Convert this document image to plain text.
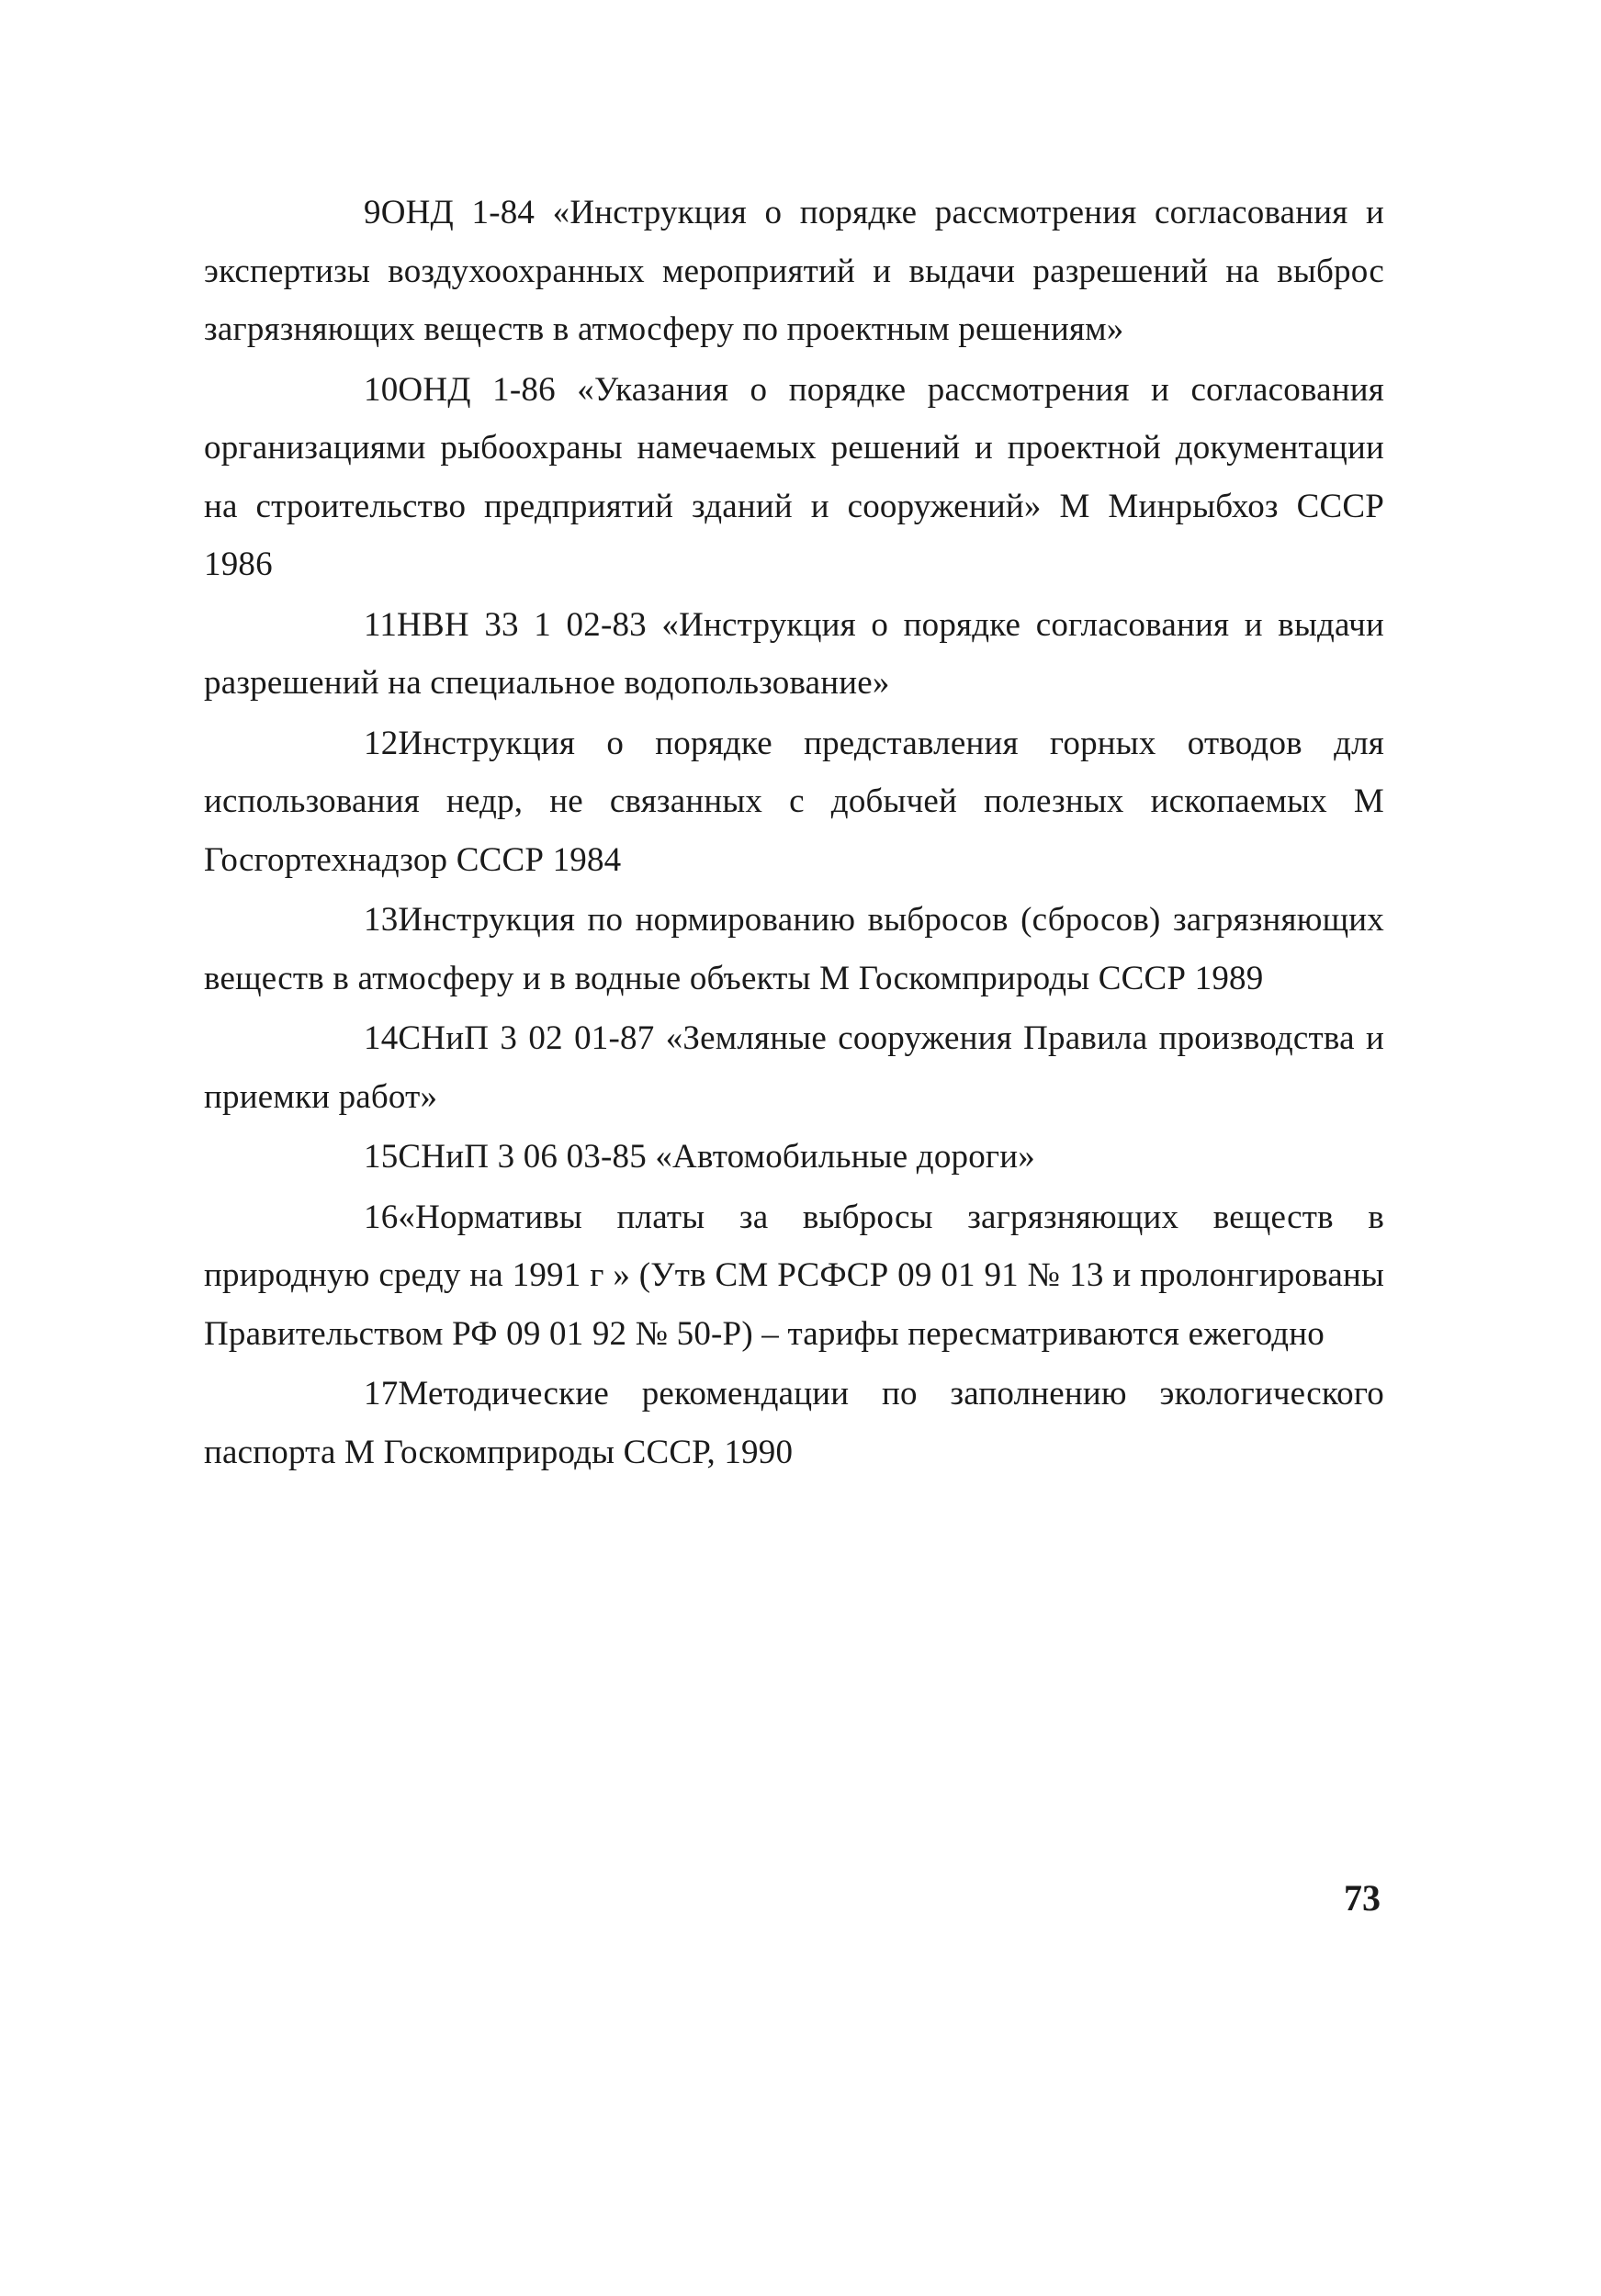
9ОНД 1-84 «Инструкция о порядке рассмотрения согласования и экспертизы воздухоохранных мероприятий и выдачи разрешений на выброс загрязняющих веществ в атмосферу по проектным решениям»

10ОНД 1-86 «Указания о порядке рассмотрения и согласования организациями рыбоохраны намечаемых решений и проектной документации на строительство предприятий зданий и сооружений» М Минрыбхоз СССР 1986

11НВН 33 1 02-83 «Инструкция о порядке согласования и выдачи разрешений на специальное водопользование»

12Инструкция о порядке представления горных отводов для использования недр, не связанных с добычей полезных ископаемых М Госгортехнадзор СССР 1984

13Инструкция по нормированию выбросов (сбросов) загрязняющих веществ в атмосферу и в водные объекты М Госкомприроды СССР 1989

14СНиП 3 02 01-87 «Земляные сооружения Правила производства и приемки работ»

15СНиП 3 06 03-85 «Автомобильные дороги»

16«Нормативы платы за выбросы загрязняющих веществ в природную среду на 1991 г » (Утв СМ РСФСР 09 01 91 № 13 и пролонгированы Правительством РФ 09 01 92 № 50-Р) – тарифы пересматриваются ежегодно

17Методические рекомендации по заполнению экологического паспорта М Госкомприроды СССР, 1990

73
